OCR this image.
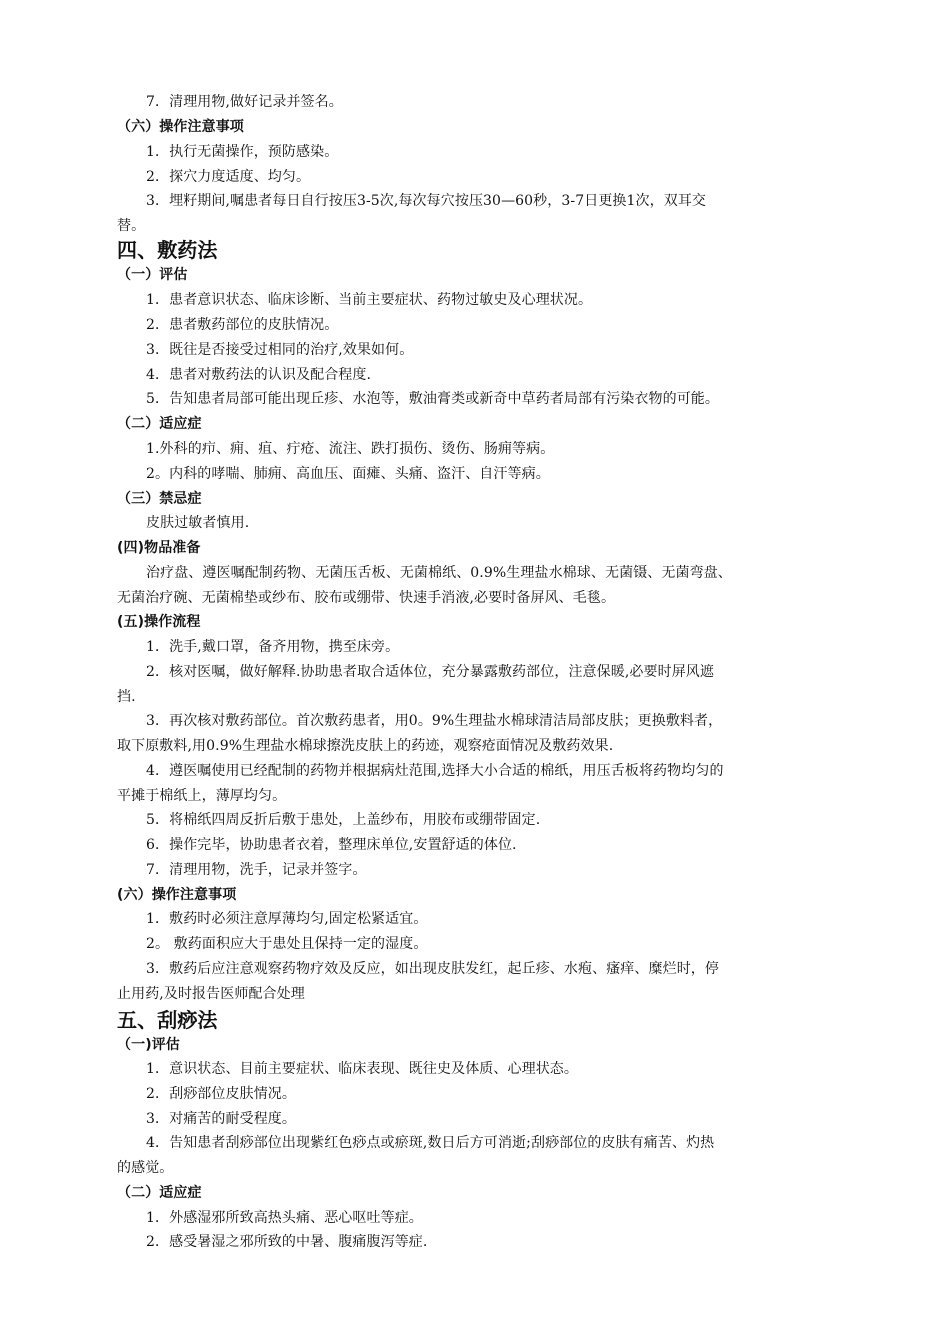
7．清理用物,做好记录并签名。
（六）操作注意事项
1．执行无菌操作，预防感染。
2．探穴力度适度、均匀。
3．埋籽期间,嘱患者每日自行按压3-5次,每次每穴按压30—60秒，3-7日更换1次，双耳交
替。
四、敷药法
（一）评估
1．患者意识状态、临床诊断、当前主要症状、药物过敏史及心理状况。
2．患者敷药部位的皮肤情况。
3．既往是否接受过相同的治疗,效果如何。
4．患者对敷药法的认识及配合程度.
5．告知患者局部可能出现丘疹、水泡等，敷油膏类或新奇中草药者局部有污染衣物的可能。
（二）适应症
1.外科的疖、痈、疽、疔疮、流注、跌打损伤、烫伤、肠痈等病。
2。内科的哮喘、肺痈、高血压、面瘫、头痛、盗汗、自汗等病。
（三）禁忌症
皮肤过敏者慎用.
(四)物品准备
治疗盘、遵医嘱配制药物、无菌压舌板、无菌棉纸、0.9%生理盐水棉球、无菌镊、无菌弯盘、
无菌治疗碗、无菌棉垫或纱布、胶布或绷带、快速手消液,必要时备屏风、毛毯。
(五)操作流程
1．洗手,戴口罩，备齐用物，携至床旁。
2．核对医嘱，做好解释.协助患者取合适体位，充分暴露敷药部位，注意保暖,必要时屏风遮
挡.
3．再次核对敷药部位。首次敷药患者，用0。9%生理盐水棉球清洁局部皮肤；更换敷料者，
取下原敷料,用0.9%生理盐水棉球擦洗皮肤上的药迹，观察疮面情况及敷药效果.
4．遵医嘱使用已经配制的药物并根据病灶范围,选择大小合适的棉纸，用压舌板将药物均匀的
平摊于棉纸上，薄厚均匀。
5．将棉纸四周反折后敷于患处，上盖纱布，用胶布或绷带固定.
6．操作完毕，协助患者衣着，整理床单位,安置舒适的体位.
7．清理用物，洗手，记录并签字。
(六）操作注意事项
1．敷药时必须注意厚薄均匀,固定松紧适宜。
2。 敷药面积应大于患处且保持一定的湿度。
3．敷药后应注意观察药物疗效及反应，如出现皮肤发红，起丘疹、水疱、瘙痒、糜烂时，停
止用药,及时报告医师配合处理
五、刮痧法
（一)评估
1．意识状态、目前主要症状、临床表现、既往史及体质、心理状态。
2．刮痧部位皮肤情况。
3．对痛苦的耐受程度。
4．告知患者刮痧部位出现紫红色痧点或瘀斑,数日后方可消逝;刮痧部位的皮肤有痛苦、灼热
的感觉。
（二）适应症
1．外感湿邪所致高热头痛、恶心呕吐等症。
2．感受暑湿之邪所致的中暑、腹痛腹泻等症.
